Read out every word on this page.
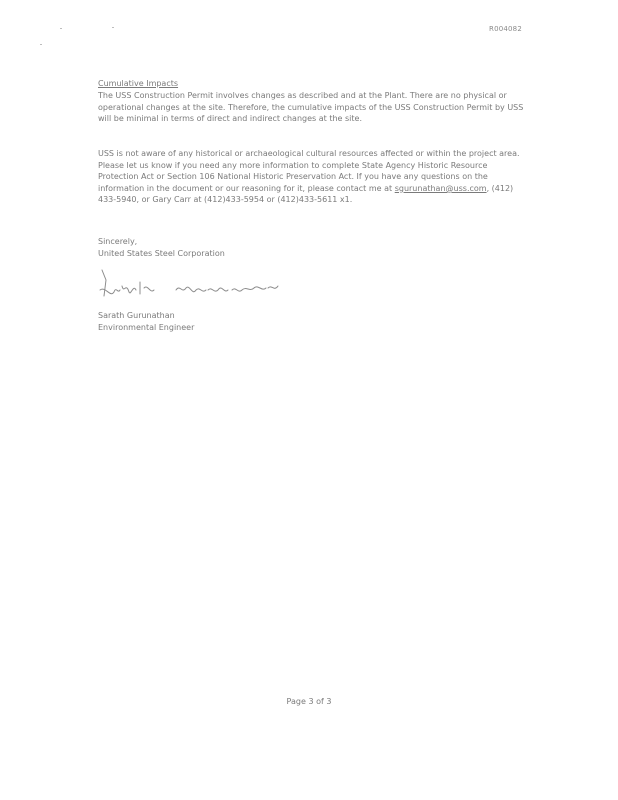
R004082
Cumulative Impacts

The USS Construction Permit involves changes as described and at the Plant. There are no physical or operational changes at the site. Therefore, the cumulative impacts of the USS Construction Permit by USS will be minimal in terms of direct and indirect changes at the site.

USS is not aware of any historical or archaeological cultural resources affected or within the project area. Please let us know if you need any more information to complete State Agency Historic Resource Protection Act or Section 106 National Historic Preservation Act. If you have any questions on the information in the document or our reasoning for it, please contact me at sgurunathan@uss.com, (412) 433-5940, or Gary Carr at (412)433-5954 or (412)433-5611 x1.

Sincerely,
United States Steel Corporation
Sarath Gurunathan
Environmental Engineer
Page 3 of 3
